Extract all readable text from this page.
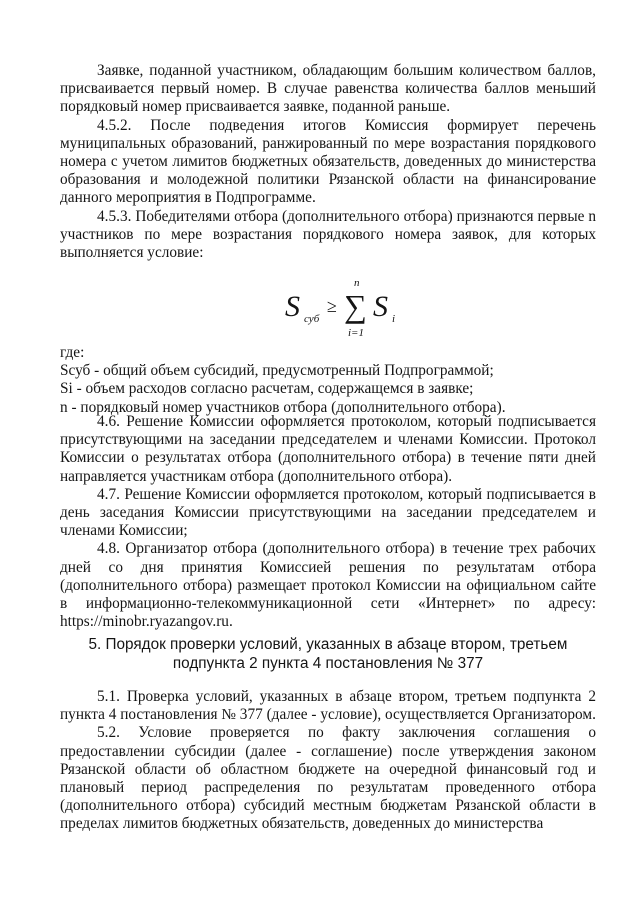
Заявке, поданной участником, обладающим большим количеством баллов, присваивается первый номер. В случае равенства количества баллов меньший порядковый номер присваивается заявке, поданной раньше.

4.5.2. После подведения итогов Комиссия формирует перечень муниципальных образований, ранжированный по мере возрастания порядкового номера с учетом лимитов бюджетных обязательств, доведенных до министерства образования и молодежной политики Рязанской области на финансирование данного мероприятия в Подпрограмме.

4.5.3. Победителями отбора (дополнительного отбора) признаются первые n участников по мере возрастания порядкового номера заявок, для которых выполняется условие:

S суб
≥
n
∑
i=1
S i

где:

Sсуб - общий объем субсидий, предусмотренный Подпрограммой;

Si - объем расходов согласно расчетам, содержащемся в заявке;

n - порядковый номер участников отбора (дополнительного отбора).

4.6. Решение Комиссии оформляется протоколом, который подписывается присутствующими на заседании председателем и членами Комиссии. Протокол Комиссии о результатах отбора (дополнительного отбора) в течение пяти дней направляется участникам отбора (дополнительного отбора).

4.7. Решение Комиссии оформляется протоколом, который подписывается в день заседания Комиссии присутствующими на заседании председателем и членами Комиссии;

4.8. Организатор отбора (дополнительного отбора) в течение трех рабочих дней со дня принятия Комиссией решения по результатам отбора (дополнительного отбора) размещает протокол Комиссии на официальном сайте в информационно-телекоммуникационной сети «Интернет» по адресу: https://minobr.ryazangov.ru.

5. Порядок проверки условий, указанных в абзаце втором, третьем
подпункта 2 пункта 4 постановления № 377

5.1. Проверка условий, указанных в абзаце втором, третьем подпункта 2 пункта 4 постановления № 377 (далее - условие), осуществляется Организатором.

5.2. Условие проверяется по факту заключения соглашения о предоставлении субсидии (далее - соглашение) после утверждения законом Рязанской области об областном бюджете на очередной финансовый год и плановый период распределения по результатам проведенного отбора (дополнительного отбора) субсидий местным бюджетам Рязанской области в пределах лимитов бюджетных обязательств, доведенных до министерства
